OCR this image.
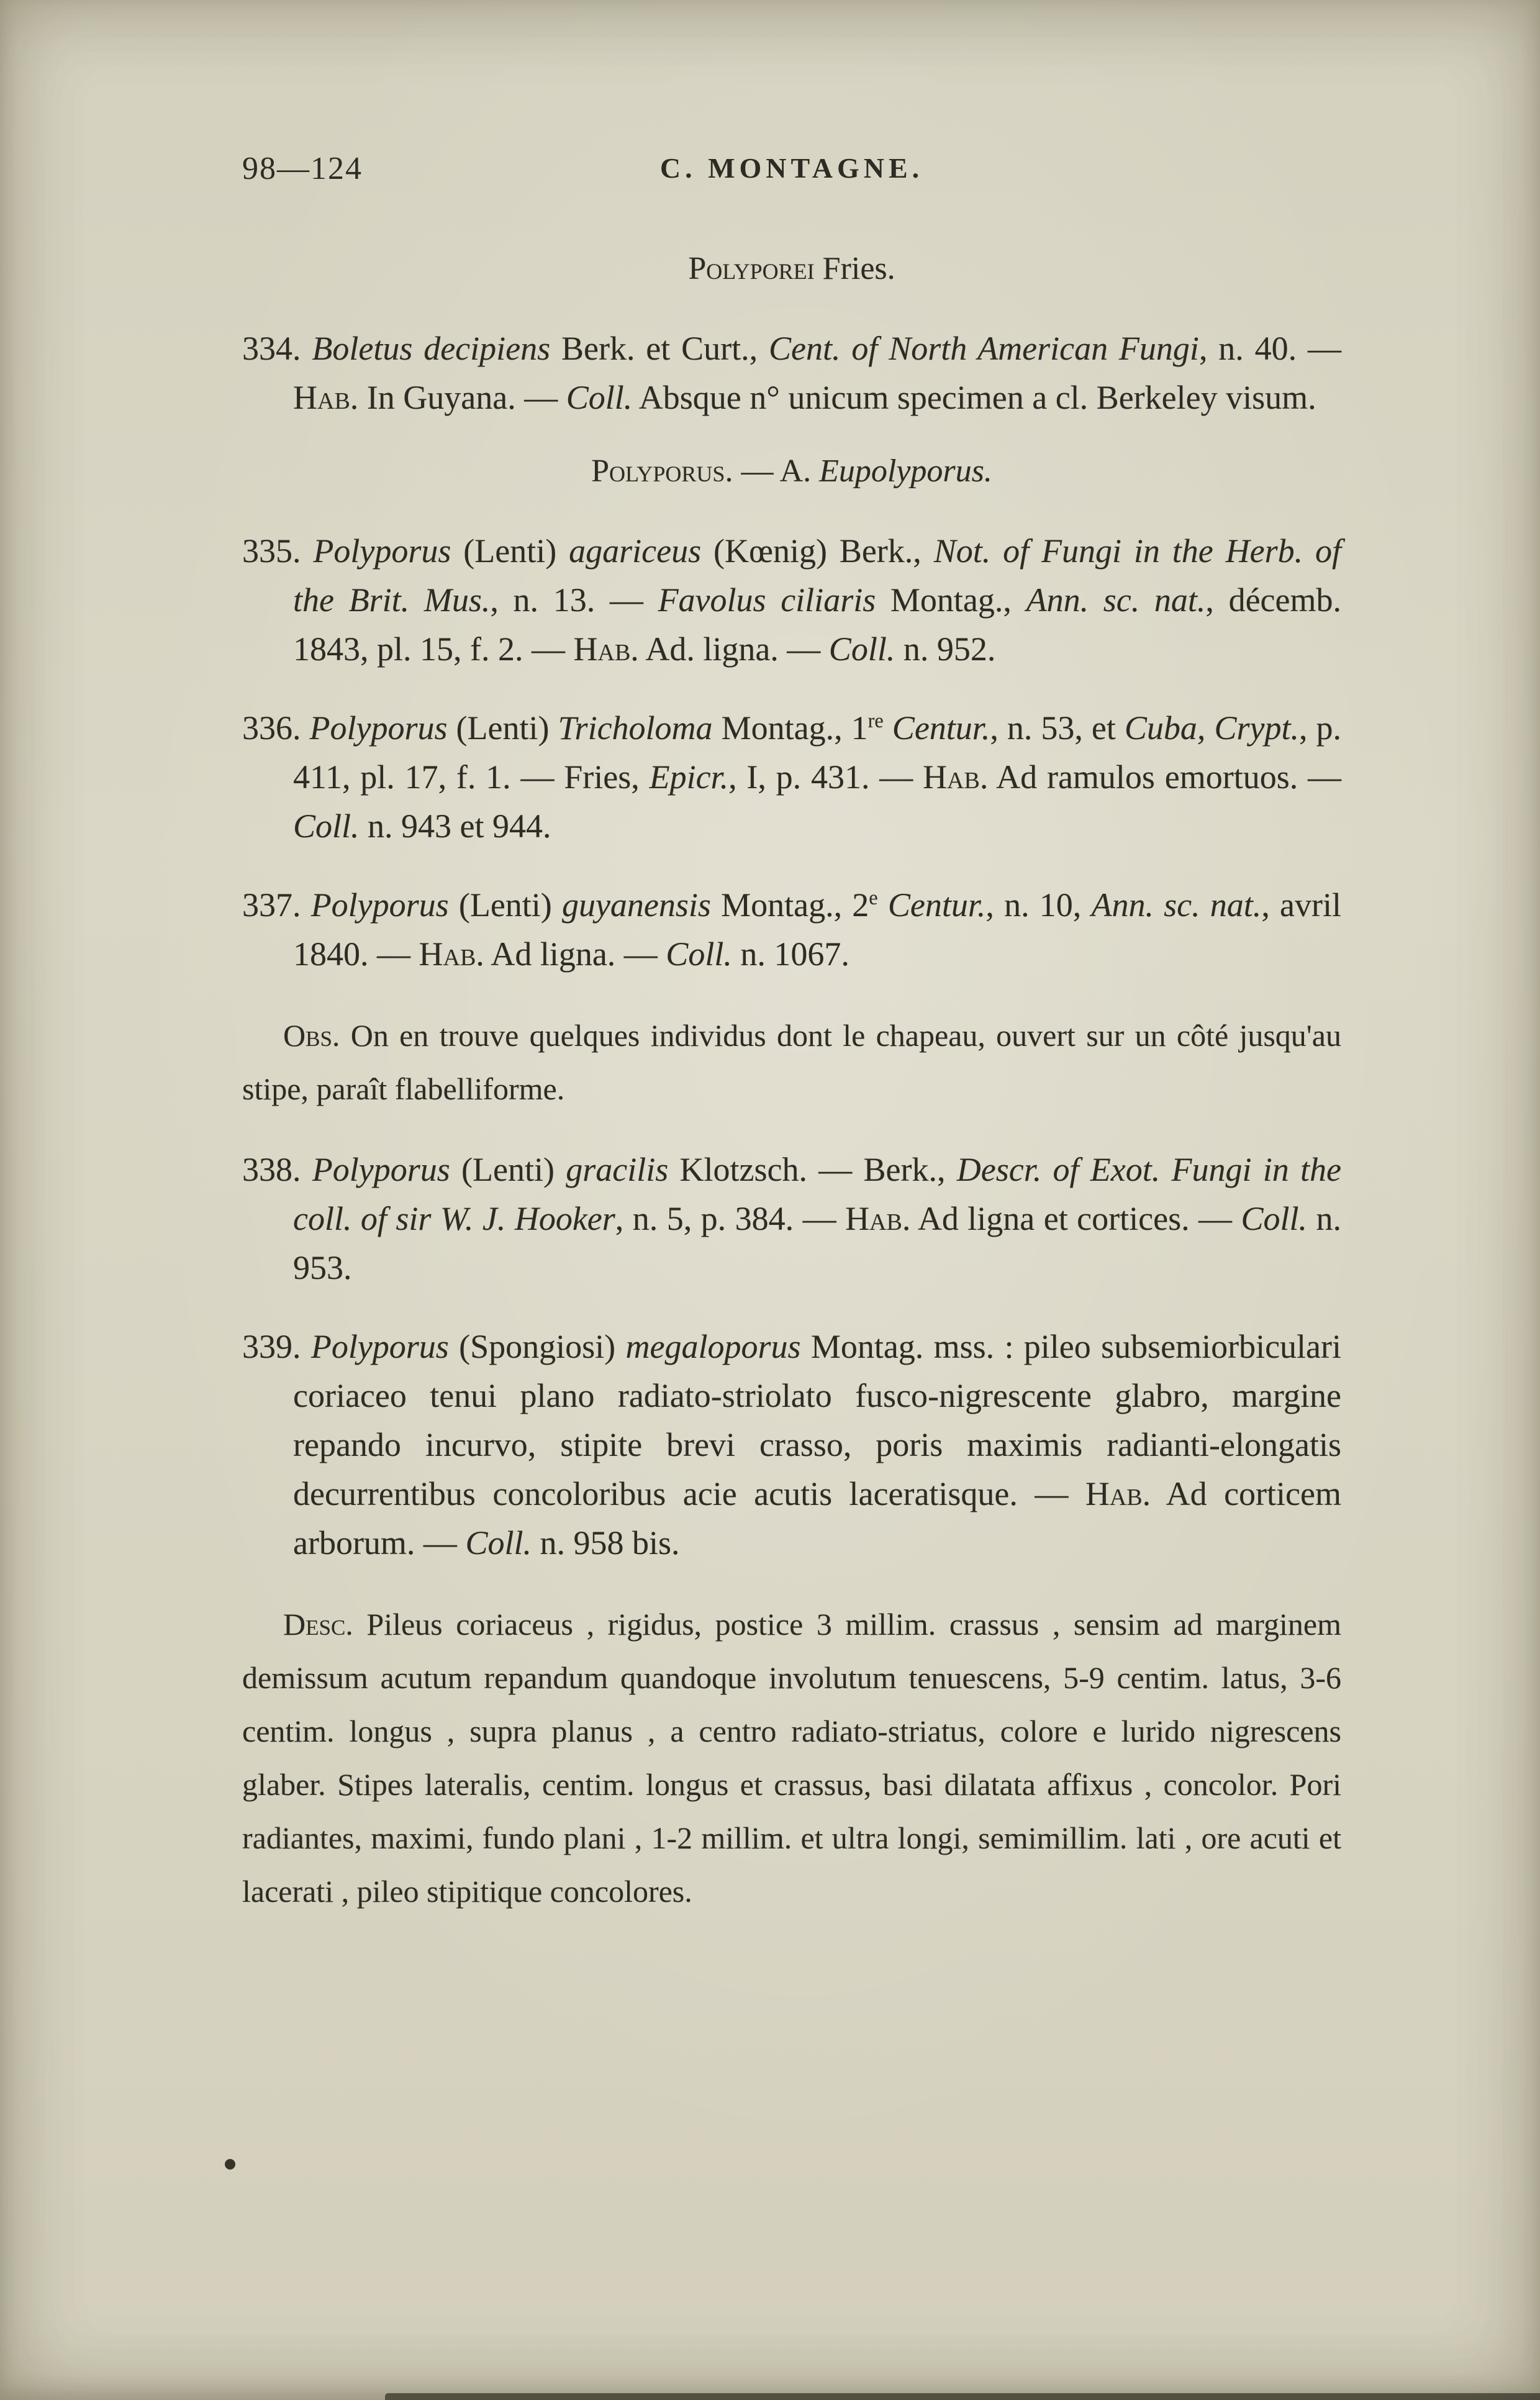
98—124	C. MONTAGNE.
Polyporei Fries.

334. Boletus decipiens Berk. et Curt., Cent. of North American Fungi, n. 40. — Hab. In Guyana. — Coll. Absque n° unicum specimen a cl. Berkeley visum.

Polyporus. — A. Eupolyporus.

335. Polyporus (Lenti) agariceus (Kœnig) Berk., Not. of Fungi in the Herb. of the Brit. Mus., n. 13. — Favolus ciliaris Montag., Ann. sc. nat., décemb. 1843, pl. 15, f. 2. — Hab. Ad. ligna. — Coll. n. 952.

336. Polyporus (Lenti) Tricholoma Montag., 1re Centur., n. 53, et Cuba, Crypt., p. 411, pl. 17, f. 1. — Fries, Epicr., I, p. 431. — Hab. Ad ramulos emortuos. — Coll. n. 943 et 944.

337. Polyporus (Lenti) guyanensis Montag., 2e Centur., n. 10, Ann. sc. nat., avril 1840. — Hab. Ad ligna. — Coll. n. 1067.

Obs. On en trouve quelques individus dont le chapeau, ouvert sur un côté jusqu'au stipe, paraît flabelliforme.

338. Polyporus (Lenti) gracilis Klotzsch. — Berk., Descr. of Exot. Fungi in the coll. of sir W. J. Hooker, n. 5, p. 384. — Hab. Ad ligna et cortices. — Coll. n. 953.

339. Polyporus (Spongiosi) megaloporus Montag. mss. : pileo subsemiorbiculari coriaceo tenui plano radiato-striolato fusco-nigrescente glabro, margine repando incurvo, stipite brevi crasso, poris maximis radianti-elongatis decurrentibus concoloribus acie acutis laceratisque. — Hab. Ad corticem arborum. — Coll. n. 958 bis.

Desc. Pileus coriaceus , rigidus, postice 3 millim. crassus , sensim ad marginem demissum acutum repandum quandoque involutum tenuescens, 5-9 centim. latus, 3-6 centim. longus , supra planus , a centro radiato-striatus, colore e lurido nigrescens glaber. Stipes lateralis, centim. longus et crassus, basi dilatata affixus , concolor. Pori radiantes, maximi, fundo plani , 1-2 millim. et ultra longi, semimillim. lati , ore acuti et lacerati , pileo stipitique concolores.
